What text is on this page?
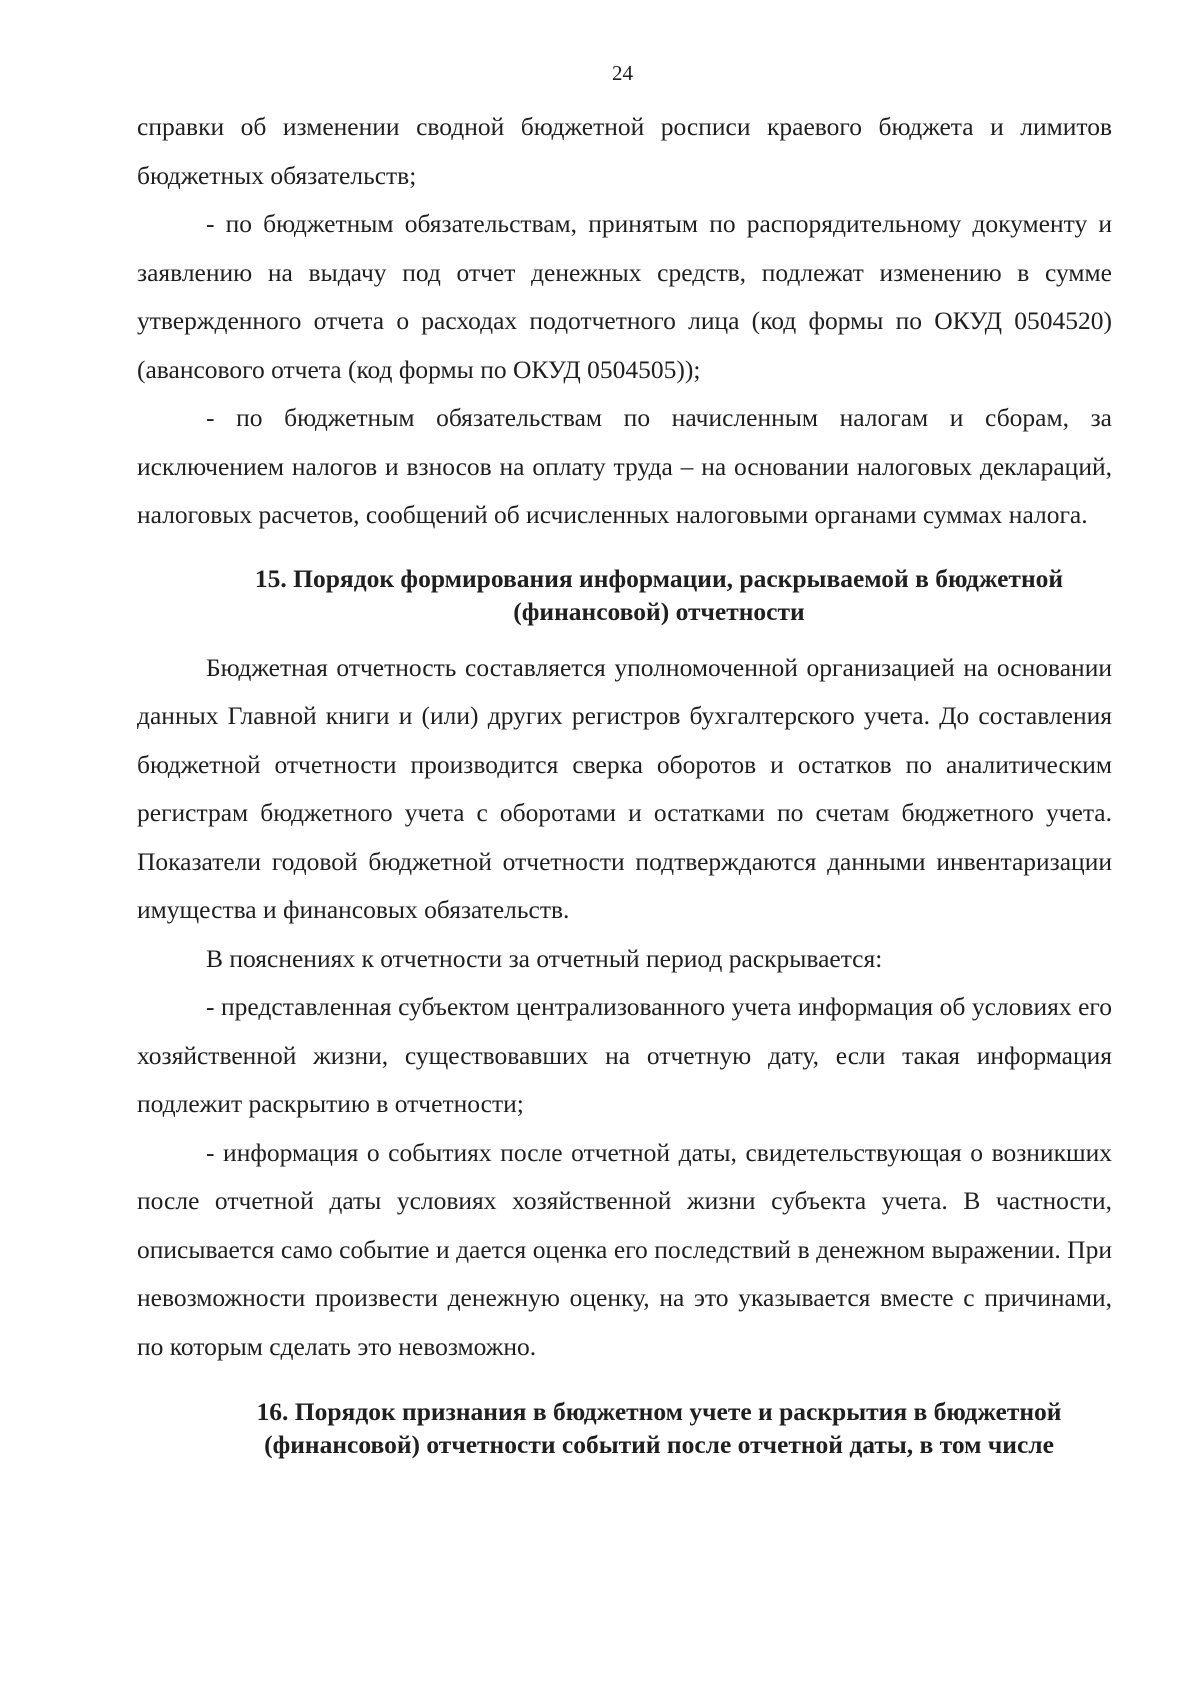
24

справки об изменении сводной бюджетной росписи краевого бюджета и лимитов бюджетных обязательств;

- по бюджетным обязательствам, принятым по распорядительному документу и заявлению на выдачу под отчет денежных средств, подлежат изменению в сумме утвержденного отчета о расходах подотчетного лица (код формы по ОКУД 0504520) (авансового отчета (код формы по ОКУД 0504505));

- по бюджетным обязательствам по начисленным налогам и сборам, за исключением налогов и взносов на оплату труда – на основании налоговых деклараций, налоговых расчетов, сообщений об исчисленных налоговыми органами суммах налога.

15. Порядок формирования информации, раскрываемой в бюджетной (финансовой) отчетности

Бюджетная отчетность составляется уполномоченной организацией на основании данных Главной книги и (или) других регистров бухгалтерского учета. До составления бюджетной отчетности производится сверка оборотов и остатков по аналитическим регистрам бюджетного учета с оборотами и остатками по счетам бюджетного учета. Показатели годовой бюджетной отчетности подтверждаются данными инвентаризации имущества и финансовых обязательств.

В пояснениях к отчетности за отчетный период раскрывается:

- представленная субъектом централизованного учета информация об условиях его хозяйственной жизни, существовавших на отчетную дату, если такая информация подлежит раскрытию в отчетности;

- информация о событиях после отчетной даты, свидетельствующая о возникших после отчетной даты условиях хозяйственной жизни субъекта учета. В частности, описывается само событие и дается оценка его последствий в денежном выражении. При невозможности произвести денежную оценку, на это указывается вместе с причинами, по которым сделать это невозможно.

16. Порядок признания в бюджетном учете и раскрытия в бюджетной
(финансовой) отчетности событий после отчетной даты, в том числе
